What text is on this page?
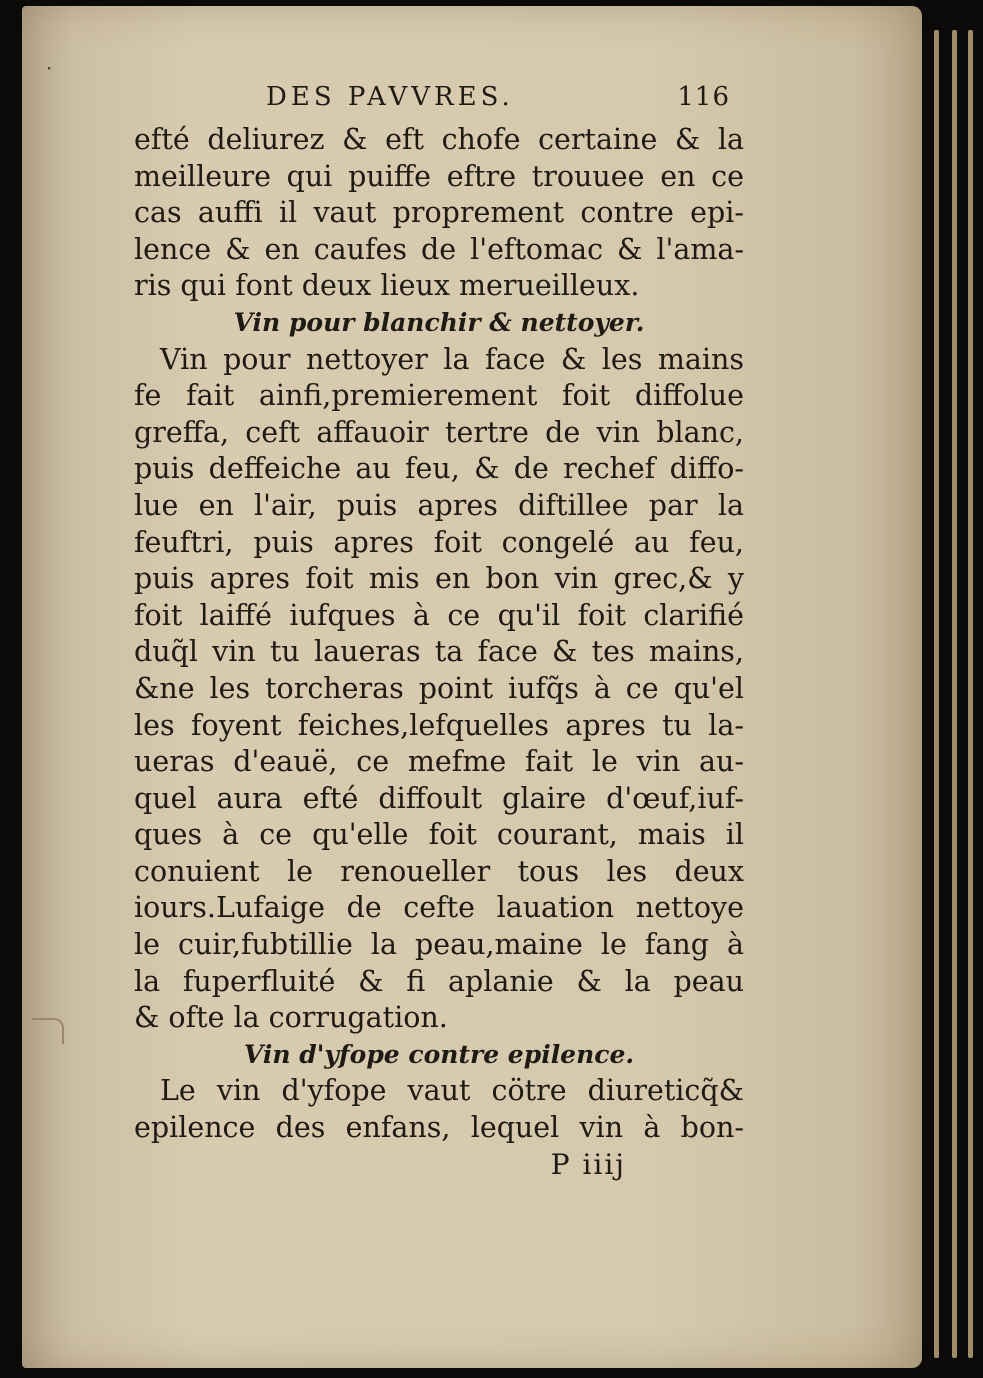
·
DES PAVVRES.	116
efté deliurez & eft chofe certaine & la
meilleure qui puiffe eftre trouuee en ce
cas auffi il vaut proprement contre epi-
lence & en caufes de l'eftomac & l'ama-
ris qui font deux lieux merueilleux.
Vin pour blanchir & nettoyer.
Vin pour nettoyer la face & les mains
fe fait ainfi,premierement foit diffolue
greffa, ceft affauoir tertre de vin blanc,
puis deffeiche au feu, & de rechef diffo-
lue en l'air, puis apres diftillee par la
feuftri, puis apres foit congelé au feu,
puis apres foit mis en bon vin grec,& y
foit laiffé iufques à ce qu'il foit clarifié
duq̃l vin tu laueras ta face & tes mains,
&ne les torcheras point iufq̃s à ce qu'el
les foyent feiches,lefquelles apres tu la-
ueras d'eauë, ce mefme fait le vin au-
quel aura efté diffoult glaire d'œuf,iuf-
ques à ce qu'elle foit courant, mais il
conuient le renoueller tous les deux
iours.Lufaige de cefte lauation nettoye
le cuir,fubtillie la peau,maine le fang à
la fuperfluité & fi aplanie & la peau
& ofte la corrugation.
Vin d'yfope contre epilence.
Le vin d'yfope vaut cötre diureticq̃&
epilence des enfans, lequel vin à bon-
P iiij
